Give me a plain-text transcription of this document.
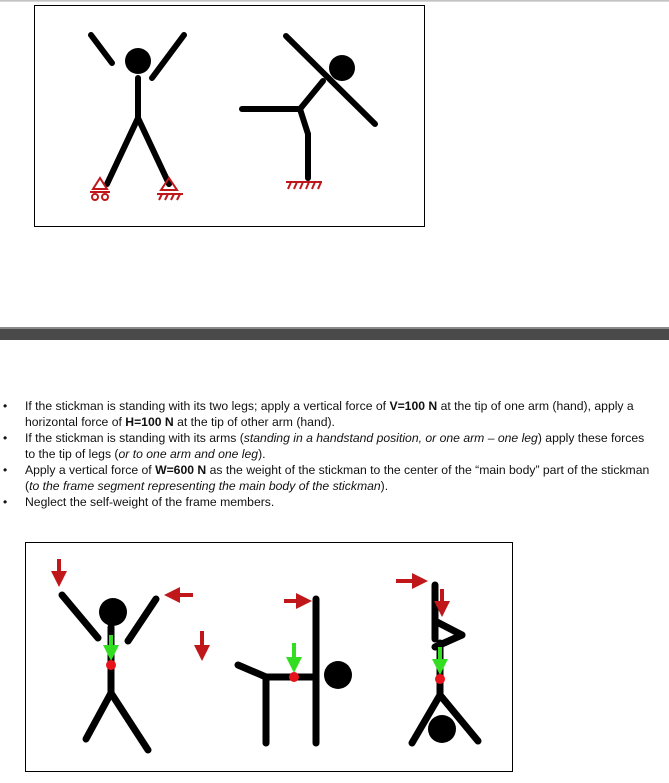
• If the stickman is standing with its two legs; apply a vertical force of V=100 N at the tip of one arm (hand), apply a horizontal force of H=100 N at the tip of other arm (hand).
• If the stickman is standing with its arms (standing in a handstand position, or one arm – one leg) apply these forces to the tip of legs (or to one arm and one leg).
• Apply a vertical force of W=600 N as the weight of the stickman to the center of the “main body” part of the stickman (to the frame segment representing the main body of the stickman).
• Neglect the self-weight of the frame members.
